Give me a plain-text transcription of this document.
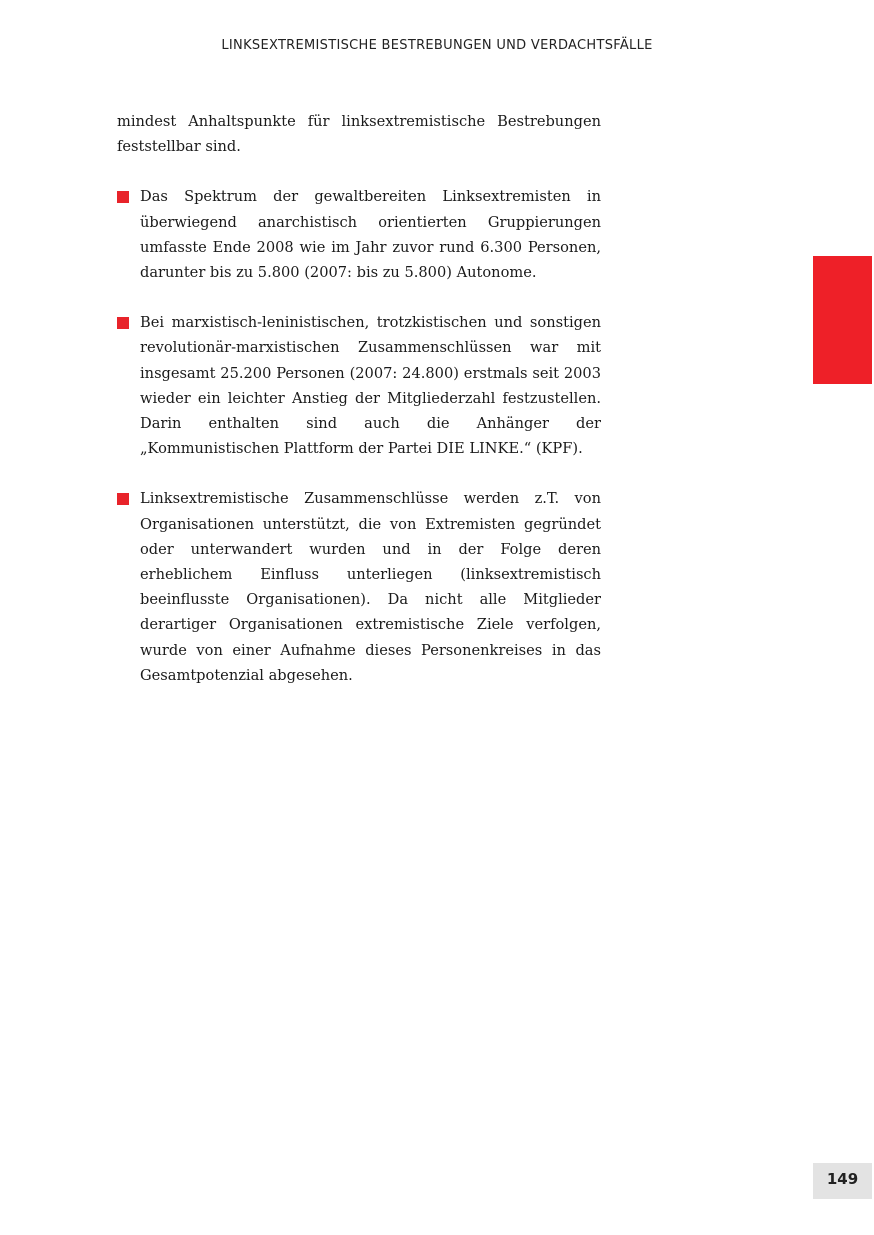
LINKSEXTREMISTISCHE BESTREBUNGEN UND VERDACHTSFÄLLE

mindest Anhaltspunkte für linksextremistische Bestrebungen feststellbar sind.

Das Spektrum der gewaltbereiten Linksextremisten in überwiegend anarchistisch orientierten Gruppierungen umfasste Ende 2008 wie im Jahr zuvor rund 6.300 Personen, darunter bis zu 5.800 (2007: bis zu 5.800) Autonome.
Bei marxistisch-leninistischen, trotzkistischen und sonstigen revolutionär-marxistischen Zusammenschlüssen war mit insgesamt 25.200 Personen (2007: 24.800) erstmals seit 2003 wieder ein leichter Anstieg der Mitgliederzahl festzustellen. Darin enthalten sind auch die Anhänger der „Kommunistischen Plattform der Partei DIE LINKE.“ (KPF).
Linksextremistische Zusammenschlüsse werden z.T. von Organisationen unterstützt, die von Extremisten gegründet oder unterwandert wurden und in der Folge deren erheblichem Einfluss unterliegen (linksextremistisch beeinflusste Organisationen). Da nicht alle Mitglieder derartiger Organisationen extremistische Ziele verfolgen, wurde von einer Aufnahme dieses Personenkreises in das Gesamtpotenzial abgesehen.
149
